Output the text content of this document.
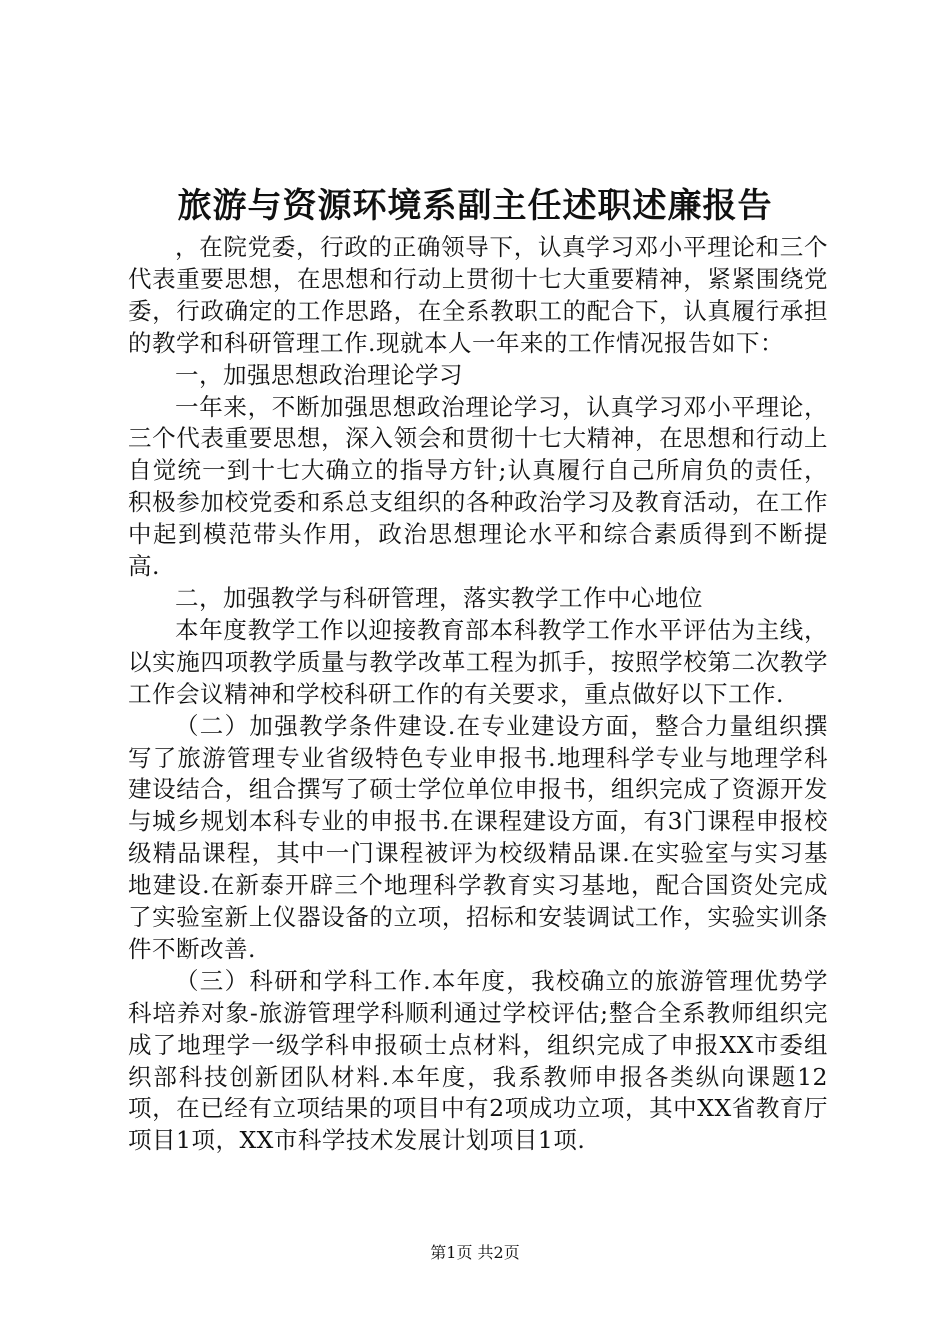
旅游与资源环境系副主任述职述廉报告

，在院党委，行政的正确领导下，认真学习邓小平理论和三个代表重要思想，在思想和行动上贯彻十七大重要精神，紧紧围绕党委，行政确定的工作思路，在全系教职工的配合下，认真履行承担的教学和科研管理工作.现就本人一年来的工作情况报告如下：

一，加强思想政治理论学习

一年来，不断加强思想政治理论学习，认真学习邓小平理论，三个代表重要思想，深入领会和贯彻十七大精神，在思想和行动上自觉统一到十七大确立的指导方针;认真履行自己所肩负的责任，积极参加校党委和系总支组织的各种政治学习及教育活动，在工作中起到模范带头作用，政治思想理论水平和综合素质得到不断提高.

二，加强教学与科研管理，落实教学工作中心地位

本年度教学工作以迎接教育部本科教学工作水平评估为主线，以实施四项教学质量与教学改革工程为抓手，按照学校第二次教学工作会议精神和学校科研工作的有关要求，重点做好以下工作.

（二）加强教学条件建设.在专业建设方面，整合力量组织撰写了旅游管理专业省级特色专业申报书.地理科学专业与地理学科建设结合，组合撰写了硕士学位单位申报书，组织完成了资源开发与城乡规划本科专业的申报书.在课程建设方面，有3门课程申报校级精品课程，其中一门课程被评为校级精品课.在实验室与实习基地建设.在新泰开辟三个地理科学教育实习基地，配合国资处完成了实验室新上仪器设备的立项，招标和安装调试工作，实验实训条件不断改善.

（三）科研和学科工作.本年度，我校确立的旅游管理优势学科培养对象-旅游管理学科顺利通过学校评估;整合全系教师组织完成了地理学一级学科申报硕士点材料，组织完成了申报XX市委组织部科技创新团队材料.本年度，我系教师申报各类纵向课题12项，在已经有立项结果的项目中有2项成功立项，其中XX省教育厅项目1项，XX市科学技术发展计划项目1项.

第1页 共2页
